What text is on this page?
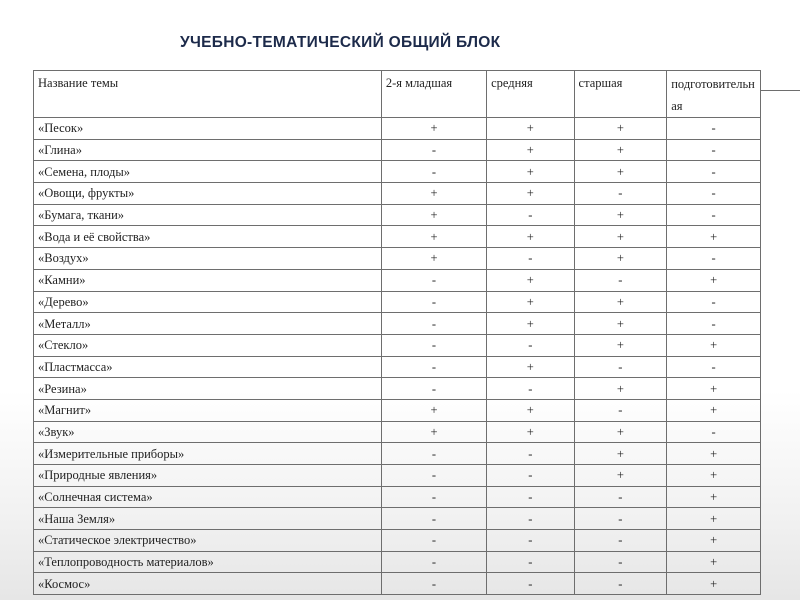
УЧЕБНО-ТЕМАТИЧЕСКИЙ ОБЩИЙ БЛОК
Название темы	2-я младшая	средняя	старшая	подготовительная
«Песок»	+	+	+	-
«Глина»	-	+	+	-
«Семена, плоды»	-	+	+	-
«Овощи, фрукты»	+	+	-	-
«Бумага, ткани»	+	-	+	-
«Вода и её свойства»	+	+	+	+
«Воздух»	+	-	+	-
«Камни»	-	+	-	+
«Дерево»	-	+	+	-
«Металл»	-	+	+	-
«Стекло»	-	-	+	+
«Пластмасса»	-	+	-	-
«Резина»	-	-	+	+
«Магнит»	+	+	-	+
«Звук»	+	+	+	-
«Измерительные приборы»	-	-	+	+
«Природные явления»	-	-	+	+
«Солнечная система»	-	-	-	+
«Наша Земля»	-	-	-	+
«Статическое электричество»	-	-	-	+
«Теплопроводность материалов»	-	-	-	+
«Космос»	-	-	-	+
